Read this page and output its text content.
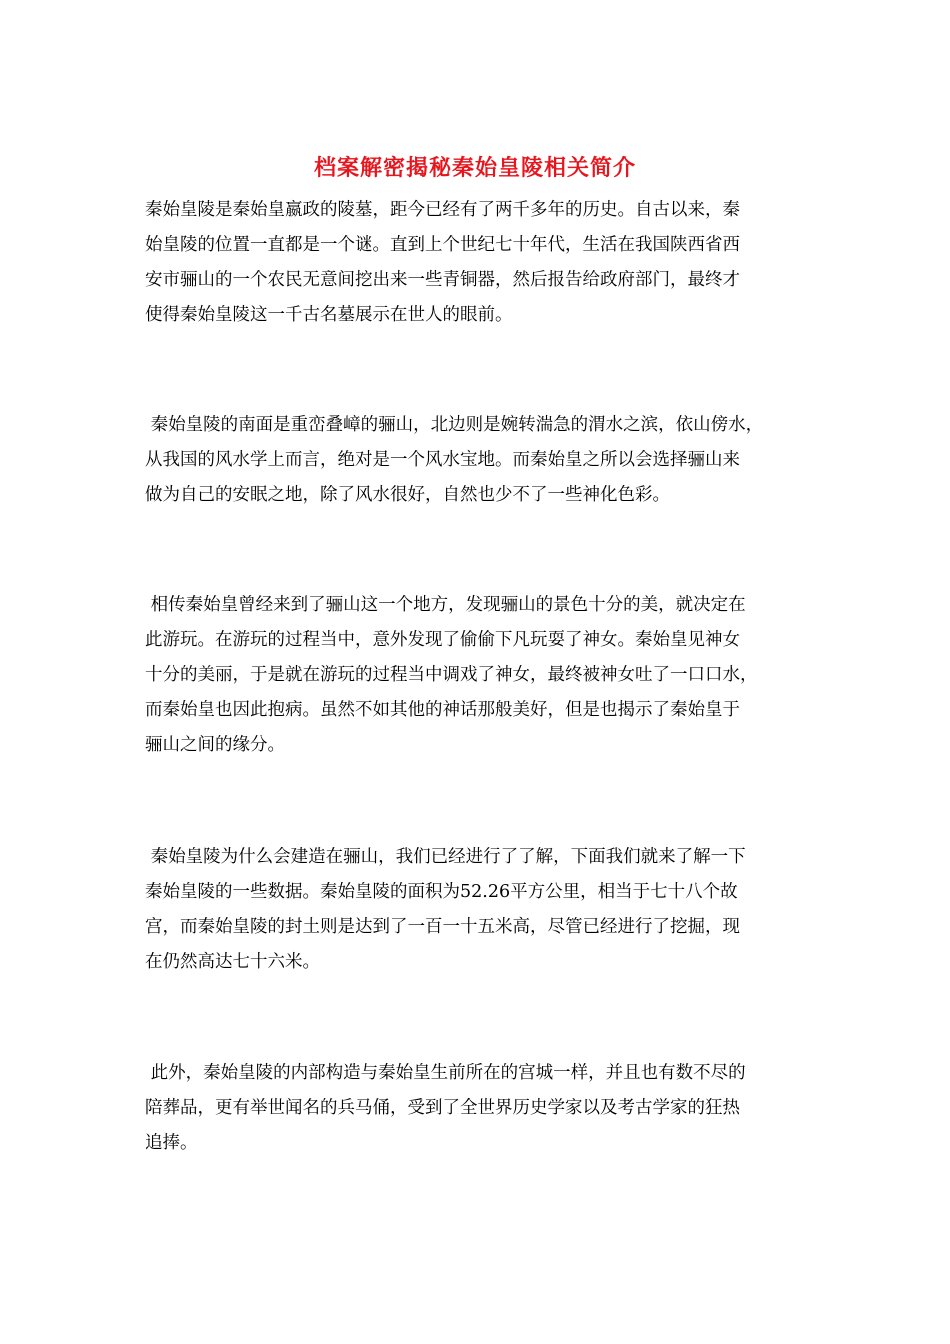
档案解密揭秘秦始皇陵相关简介
秦始皇陵是秦始皇嬴政的陵墓，距今已经有了两千多年的历史。自古以来，秦
始皇陵的位置一直都是一个谜。直到上个世纪七十年代，生活在我国陕西省西
安市骊山的一个农民无意间挖出来一些青铜器，然后报告给政府部门，最终才
使得秦始皇陵这一千古名墓展示在世人的眼前。
秦始皇陵的南面是重峦叠嶂的骊山，北边则是婉转湍急的渭水之滨，依山傍水，
从我国的风水学上而言，绝对是一个风水宝地。而秦始皇之所以会选择骊山来
做为自己的安眠之地，除了风水很好，自然也少不了一些神化色彩。
相传秦始皇曾经来到了骊山这一个地方，发现骊山的景色十分的美，就决定在
此游玩。在游玩的过程当中，意外发现了偷偷下凡玩耍了神女。秦始皇见神女
十分的美丽，于是就在游玩的过程当中调戏了神女，最终被神女吐了一口口水，
而秦始皇也因此抱病。虽然不如其他的神话那般美好，但是也揭示了秦始皇于
骊山之间的缘分。
秦始皇陵为什么会建造在骊山，我们已经进行了了解，下面我们就来了解一下
秦始皇陵的一些数据。秦始皇陵的面积为52.26平方公里，相当于七十八个故
宫，而秦始皇陵的封土则是达到了一百一十五米高，尽管已经进行了挖掘，现
在仍然高达七十六米。
此外，秦始皇陵的内部构造与秦始皇生前所在的宫城一样，并且也有数不尽的
陪葬品，更有举世闻名的兵马俑，受到了全世界历史学家以及考古学家的狂热
追捧。
